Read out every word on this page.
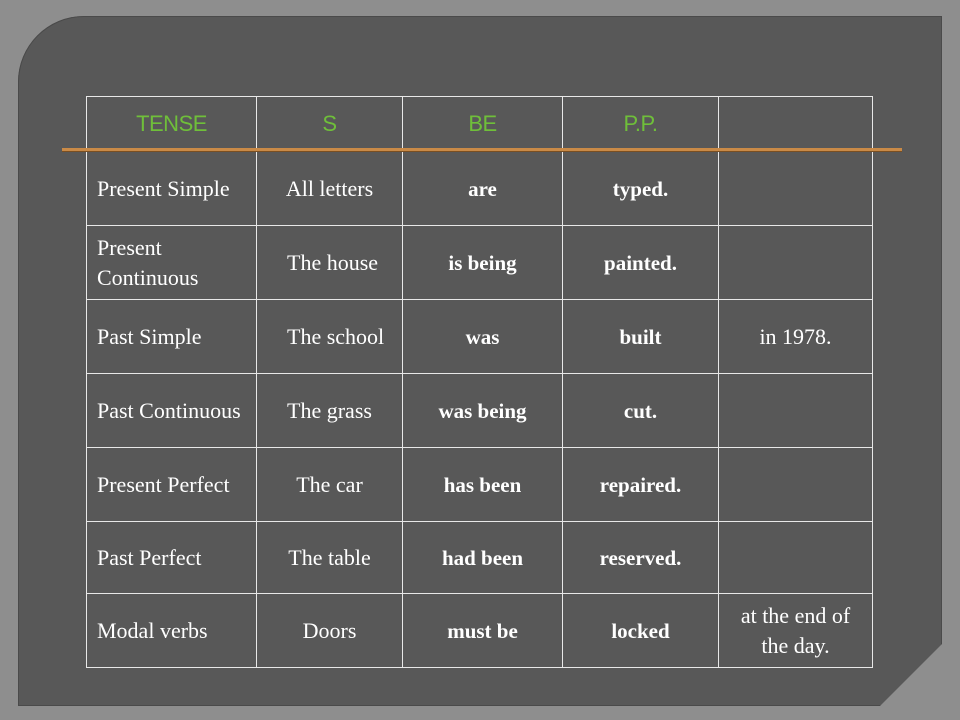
TENSE	S	BE	P.P.	
Present Simple	All letters	are	typed.	
Present Continuous	The house	is being	painted.	
Past Simple	The school	was	built	in 1978.
Past Continuous	The grass	was being	cut.	
Present Perfect	The car	has been	repaired.	
Past Perfect	The table	had been	reserved.	
Modal verbs	Doors	must be	locked	at the end of the day.
